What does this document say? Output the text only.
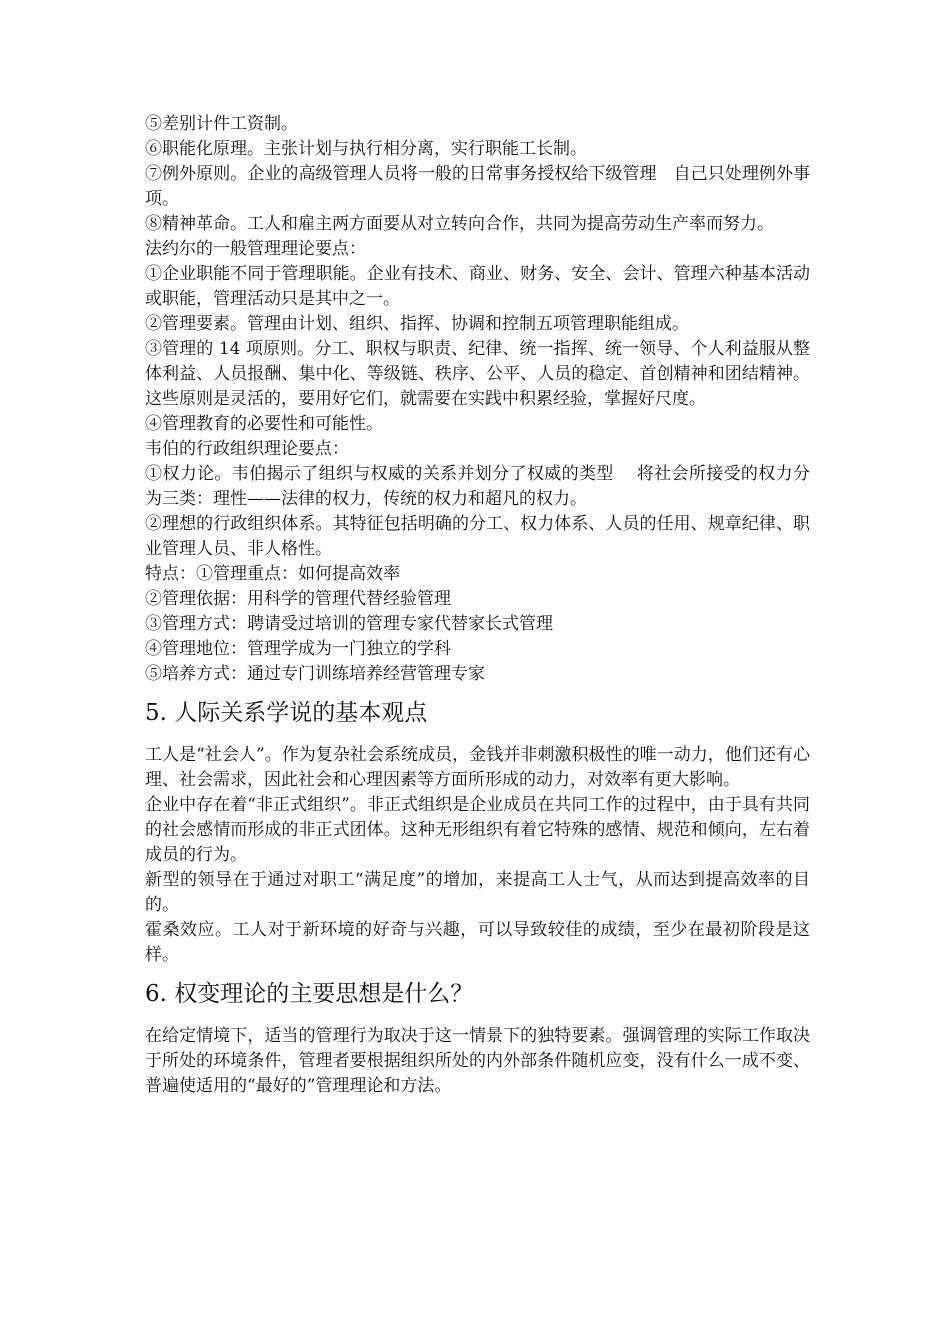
⑤差别计件工资制。

⑥职能化原理。主张计划与执行相分离，实行职能工长制。

⑦例外原则。企业的高级管理人员将一般的日常事务授权给下级管理　自己只处理例外事项。

⑧精神革命。工人和雇主两方面要从对立转向合作，共同为提高劳动生产率而努力。

法约尔的一般管理理论要点：

①企业职能不同于管理职能。企业有技术、商业、财务、安全、会计、管理六种基本活动或职能，管理活动只是其中之一。

②管理要素。管理由计划、组织、指挥、协调和控制五项管理职能组成。

③管理的 14 项原则。分工、职权与职责、纪律、统一指挥、统一领导、个人利益服从整体利益、人员报酬、集中化、等级链、秩序、公平、人员的稳定、首创精神和团结精神。这些原则是灵活的，要用好它们，就需要在实践中积累经验，掌握好尺度。

④管理教育的必要性和可能性。

韦伯的行政组织理论要点：

①权力论。韦伯揭示了组织与权威的关系并划分了权威的类型　 将社会所接受的权力分为三类：理性——法律的权力，传统的权力和超凡的权力。

②理想的行政组织体系。其特征包括明确的分工、权力体系、人员的任用、规章纪律、职业管理人员、非人格性。

特点：①管理重点：如何提高效率

②管理依据：用科学的管理代替经验管理

③管理方式：聘请受过培训的管理专家代替家长式管理

④管理地位：管理学成为一门独立的学科

⑤培养方式：通过专门训练培养经营管理专家

5. 人际关系学说的基本观点

工人是“社会人”。作为复杂社会系统成员，金钱并非刺激积极性的唯一动力，他们还有心理、社会需求，因此社会和心理因素等方面所形成的动力，对效率有更大影响。

企业中存在着“非正式组织”。非正式组织是企业成员在共同工作的过程中，由于具有共同的社会感情而形成的非正式团体。这种无形组织有着它特殊的感情、规范和倾向，左右着成员的行为。

新型的领导在于通过对职工“满足度”的增加，来提高工人士气，从而达到提高效率的目的。

霍桑效应。工人对于新环境的好奇与兴趣，可以导致较佳的成绩，至少在最初阶段是这样。

6. 权变理论的主要思想是什么？

在给定情境下，适当的管理行为取决于这一情景下的独特要素。强调管理的实际工作取决于所处的环境条件，管理者要根据组织所处的内外部条件随机应变，没有什么一成不变、普遍使适用的“最好的”管理理论和方法。
